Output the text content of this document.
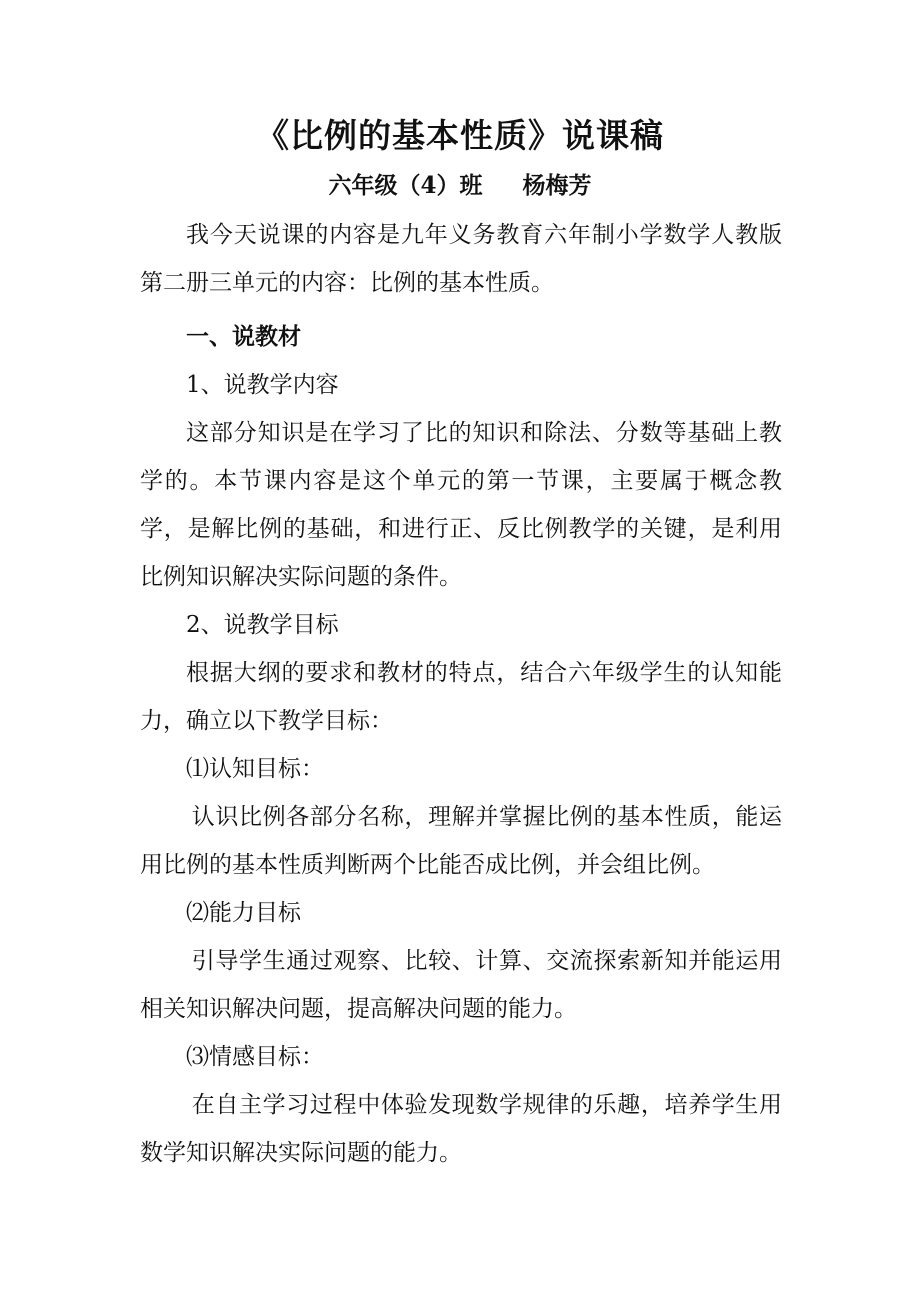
《比例的基本性质》说课稿
六年级（4）班 杨梅芳

我今天说课的内容是九年义务教育六年制小学数学人教版第二册三单元的内容：比例的基本性质。

一、说教材

1、说教学内容

这部分知识是在学习了比的知识和除法、分数等基础上教学的。本节课内容是这个单元的第一节课，主要属于概念教学，是解比例的基础，和进行正、反比例教学的关键，是利用比例知识解决实际问题的条件。

2、说教学目标

根据大纲的要求和教材的特点，结合六年级学生的认知能力，确立以下教学目标：

⑴认知目标：

认识比例各部分名称，理解并掌握比例的基本性质，能运用比例的基本性质判断两个比能否成比例，并会组比例。

⑵能力目标

引导学生通过观察、比较、计算、交流探索新知并能运用相关知识解决问题，提高解决问题的能力。

⑶情感目标：

在自主学习过程中体验发现数学规律的乐趣，培养学生用数学知识解决实际问题的能力。
